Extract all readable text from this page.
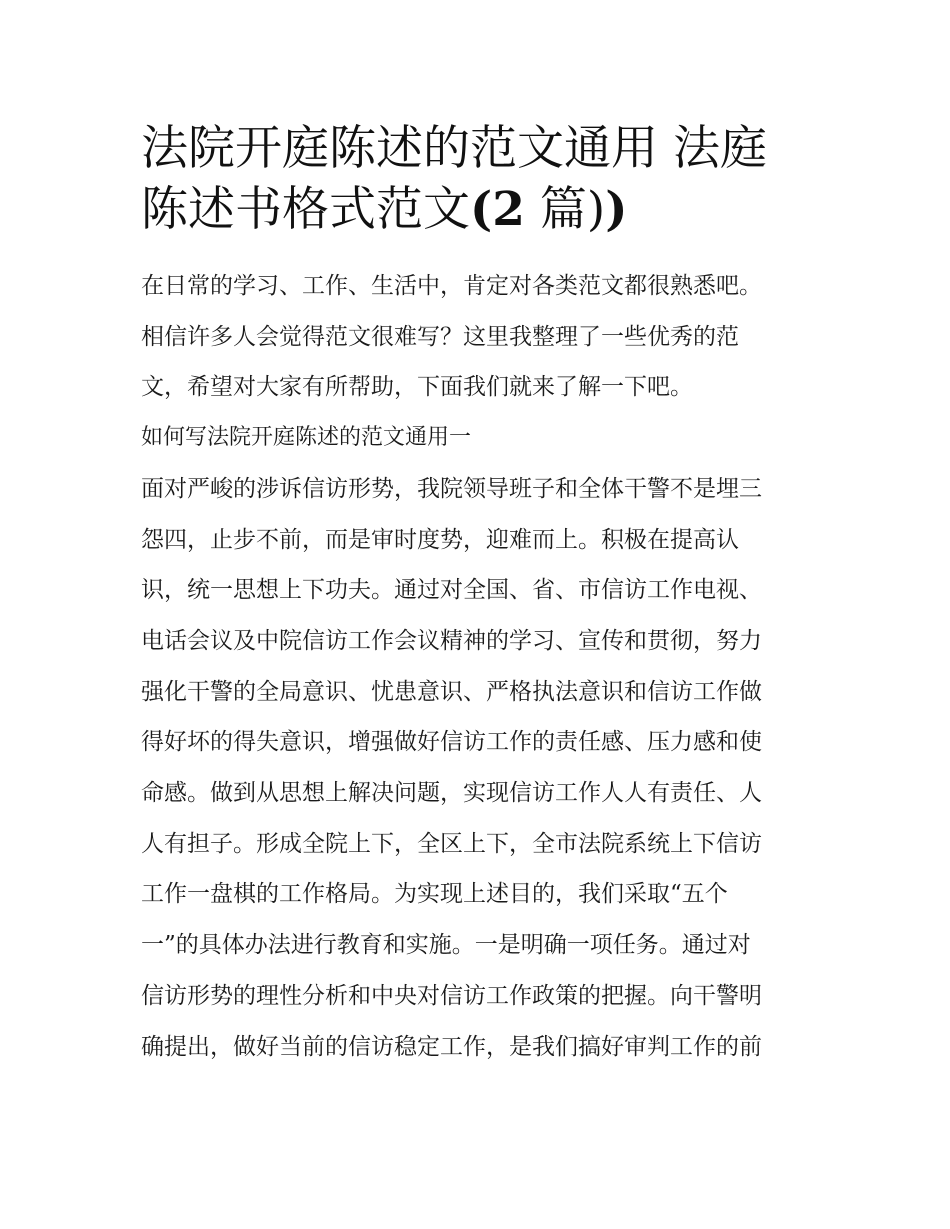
法院开庭陈述的范文通用 法庭
陈述书格式范文(2 篇))
在日常的学习、工作、生活中，肯定对各类范文都很熟悉吧。
相信许多人会觉得范文很难写？这里我整理了一些优秀的范
文，希望对大家有所帮助，下面我们就来了解一下吧。
如何写法院开庭陈述的范文通用一
面对严峻的涉诉信访形势，我院领导班子和全体干警不是埋三
怨四，止步不前，而是审时度势，迎难而上。积极在提高认
识，统一思想上下功夫。通过对全国、省、市信访工作电视、
电话会议及中院信访工作会议精神的学习、宣传和贯彻，努力
强化干警的全局意识、忧患意识、严格执法意识和信访工作做
得好坏的得失意识，增强做好信访工作的责任感、压力感和使
命感。做到从思想上解决问题，实现信访工作人人有责任、人
人有担子。形成全院上下，全区上下，全市法院系统上下信访
工作一盘棋的工作格局。为实现上述目的，我们采取“五个
一”的具体办法进行教育和实施。一是明确一项任务。通过对
信访形势的理性分析和中央对信访工作政策的把握。向干警明
确提出，做好当前的信访稳定工作，是我们搞好审判工作的前
